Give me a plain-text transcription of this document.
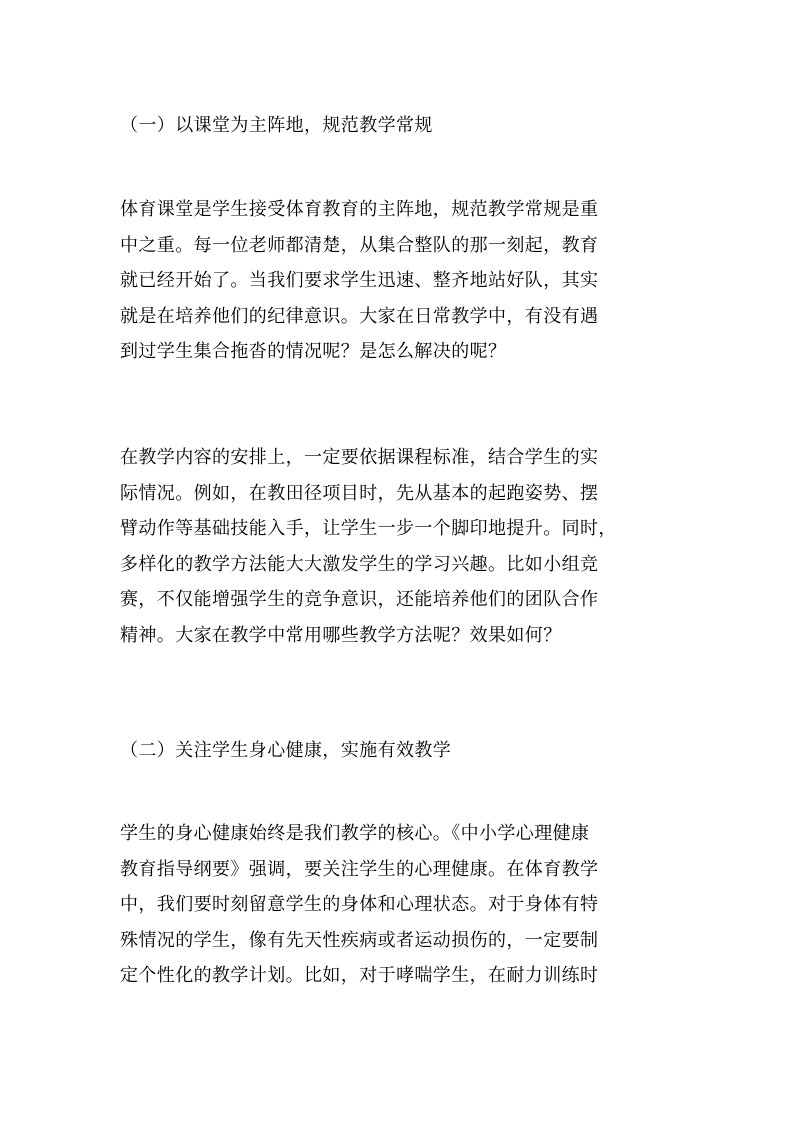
（一）以课堂为主阵地，规范教学常规
体育课堂是学生接受体育教育的主阵地，规范教学常规是重
中之重。每一位老师都清楚，从集合整队的那一刻起，教育
就已经开始了。当我们要求学生迅速、整齐地站好队，其实
就是在培养他们的纪律意识。大家在日常教学中，有没有遇
到过学生集合拖沓的情况呢？是怎么解决的呢？
在教学内容的安排上，一定要依据课程标准，结合学生的实
际情况。例如，在教田径项目时，先从基本的起跑姿势、摆
臂动作等基础技能入手，让学生一步一个脚印地提升。同时，
多样化的教学方法能大大激发学生的学习兴趣。比如小组竞
赛，不仅能增强学生的竞争意识，还能培养他们的团队合作
精神。大家在教学中常用哪些教学方法呢？效果如何？
（二）关注学生身心健康，实施有效教学
学生的身心健康始终是我们教学的核心。《中小学心理健康
教育指导纲要》强调，要关注学生的心理健康。在体育教学
中，我们要时刻留意学生的身体和心理状态。对于身体有特
殊情况的学生，像有先天性疾病或者运动损伤的，一定要制
定个性化的教学计划。比如，对于哮喘学生，在耐力训练时
